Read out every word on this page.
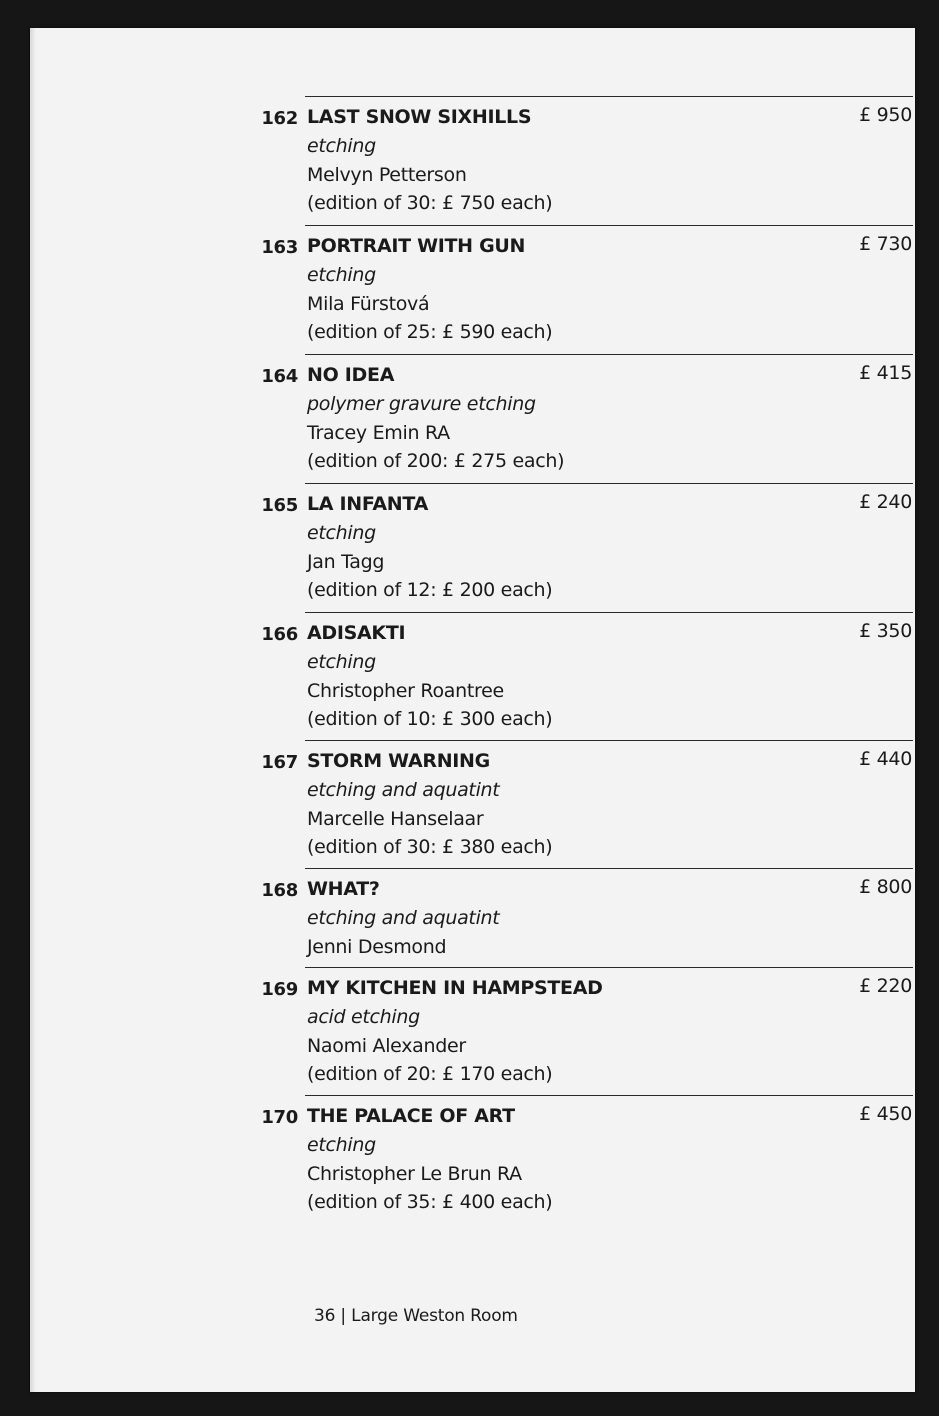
162 LAST SNOW SIXHILLS
etching
Melvyn Petterson
(edition of 30: £ 750 each)
£ 950
163 PORTRAIT WITH GUN
etching
Mila Fürstová
(edition of 25: £ 590 each)
£ 730
164 NO IDEA
polymer gravure etching
Tracey Emin RA
(edition of 200: £ 275 each)
£ 415
165 LA INFANTA
etching
Jan Tagg
(edition of 12: £ 200 each)
£ 240
166 ADISAKTI
etching
Christopher Roantree
(edition of 10: £ 300 each)
£ 350
167 STORM WARNING
etching and aquatint
Marcelle Hanselaar
(edition of 30: £ 380 each)
£ 440
168 WHAT?
etching and aquatint
Jenni Desmond
£ 800
169 MY KITCHEN IN HAMPSTEAD
acid etching
Naomi Alexander
(edition of 20: £ 170 each)
£ 220
170 THE PALACE OF ART
etching
Christopher Le Brun RA
(edition of 35: £ 400 each)
£ 450
36 | Large Weston Room
